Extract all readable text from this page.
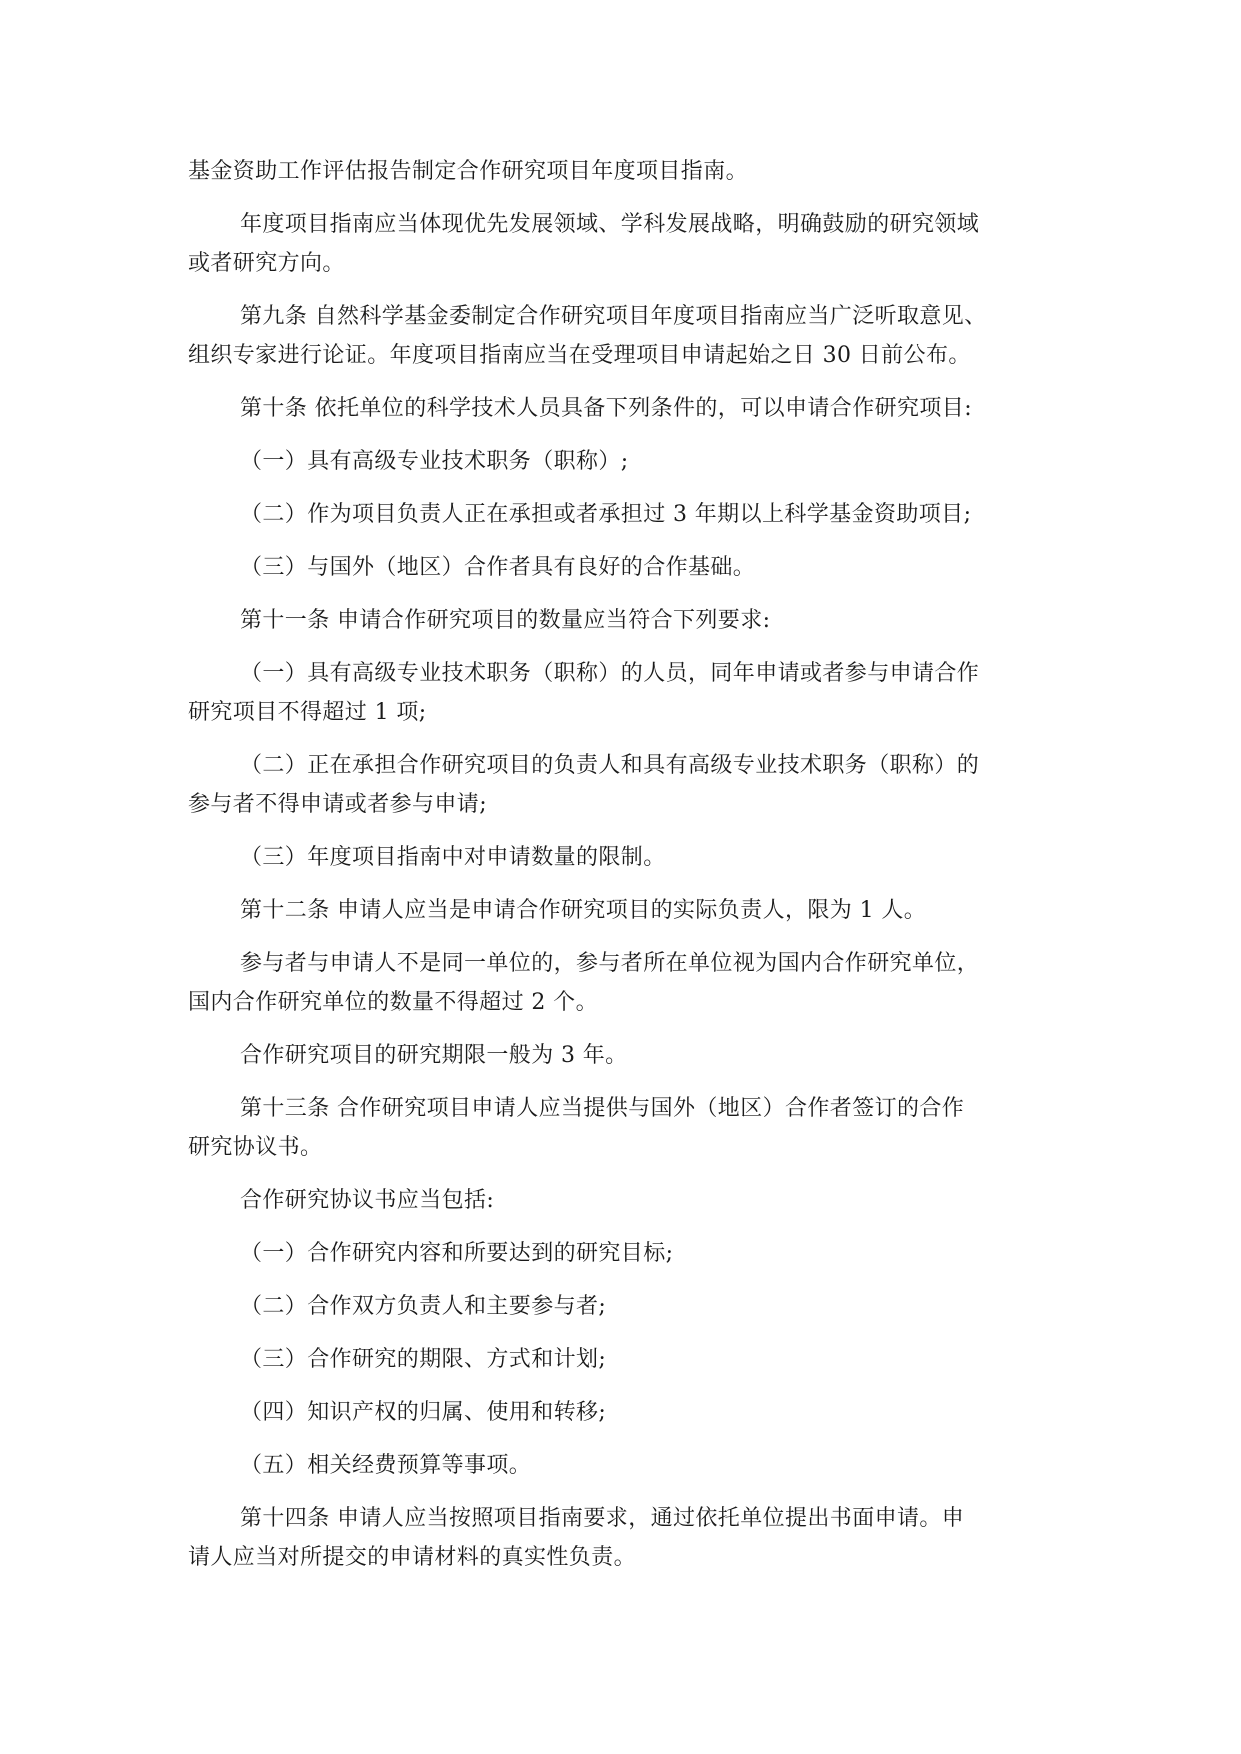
基金资助工作评估报告制定合作研究项目年度项目指南。
年度项目指南应当体现优先发展领域、学科发展战略，明确鼓励的研究领域
或者研究方向。
第九条 自然科学基金委制定合作研究项目年度项目指南应当广泛听取意见、
组织专家进行论证。年度项目指南应当在受理项目申请起始之日 30 日前公布。
第十条 依托单位的科学技术人员具备下列条件的，可以申请合作研究项目:
（一）具有高级专业技术职务（职称）;
（二）作为项目负责人正在承担或者承担过 3 年期以上科学基金资助项目;
（三）与国外（地区）合作者具有良好的合作基础。
第十一条 申请合作研究项目的数量应当符合下列要求:
（一）具有高级专业技术职务（职称）的人员，同年申请或者参与申请合作
研究项目不得超过 1 项;
（二）正在承担合作研究项目的负责人和具有高级专业技术职务（职称）的
参与者不得申请或者参与申请;
（三）年度项目指南中对申请数量的限制。
第十二条 申请人应当是申请合作研究项目的实际负责人，限为 1 人。
参与者与申请人不是同一单位的，参与者所在单位视为国内合作研究单位，
国内合作研究单位的数量不得超过 2 个。
合作研究项目的研究期限一般为 3 年。
第十三条 合作研究项目申请人应当提供与国外（地区）合作者签订的合作
研究协议书。
合作研究协议书应当包括:
（一）合作研究内容和所要达到的研究目标;
（二）合作双方负责人和主要参与者;
（三）合作研究的期限、方式和计划;
（四）知识产权的归属、使用和转移;
（五）相关经费预算等事项。
第十四条 申请人应当按照项目指南要求，通过依托单位提出书面申请。申
请人应当对所提交的申请材料的真实性负责。
